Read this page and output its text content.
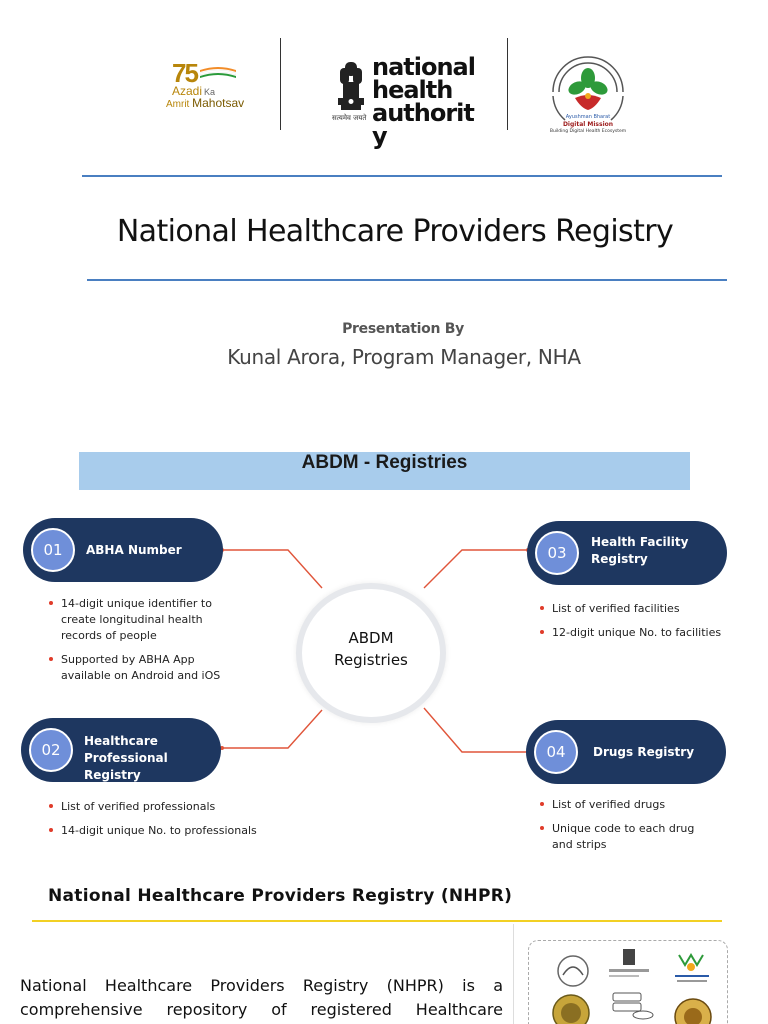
75
Azadi Ka
Amrit Mahotsav
सत्यमेव जयते
national health authority
Ayushman Bharat
Digital Mission
Building Digital Health Ecosystem
National Healthcare Providers Registry
Presentation By
Kunal Arora, Program Manager, NHA
ABDM - Registries
ABDM
Registries
01	ABHA Number
14-digit unique identifier to create longitudinal health records of people
Supported by ABHA App available on Android and iOS
02	Healthcare
Professional Registry
List of verified professionals
14-digit unique No. to professionals
03
Health Facility
Registry
List of verified facilities
12-digit unique No. to facilities
04	Drugs Registry
List of verified drugs
Unique code to each drug and strips
National Healthcare Providers Registry (NHPR)

National Healthcare Providers Registry (NHPR) is a comprehensive repository of registered Healthcare
